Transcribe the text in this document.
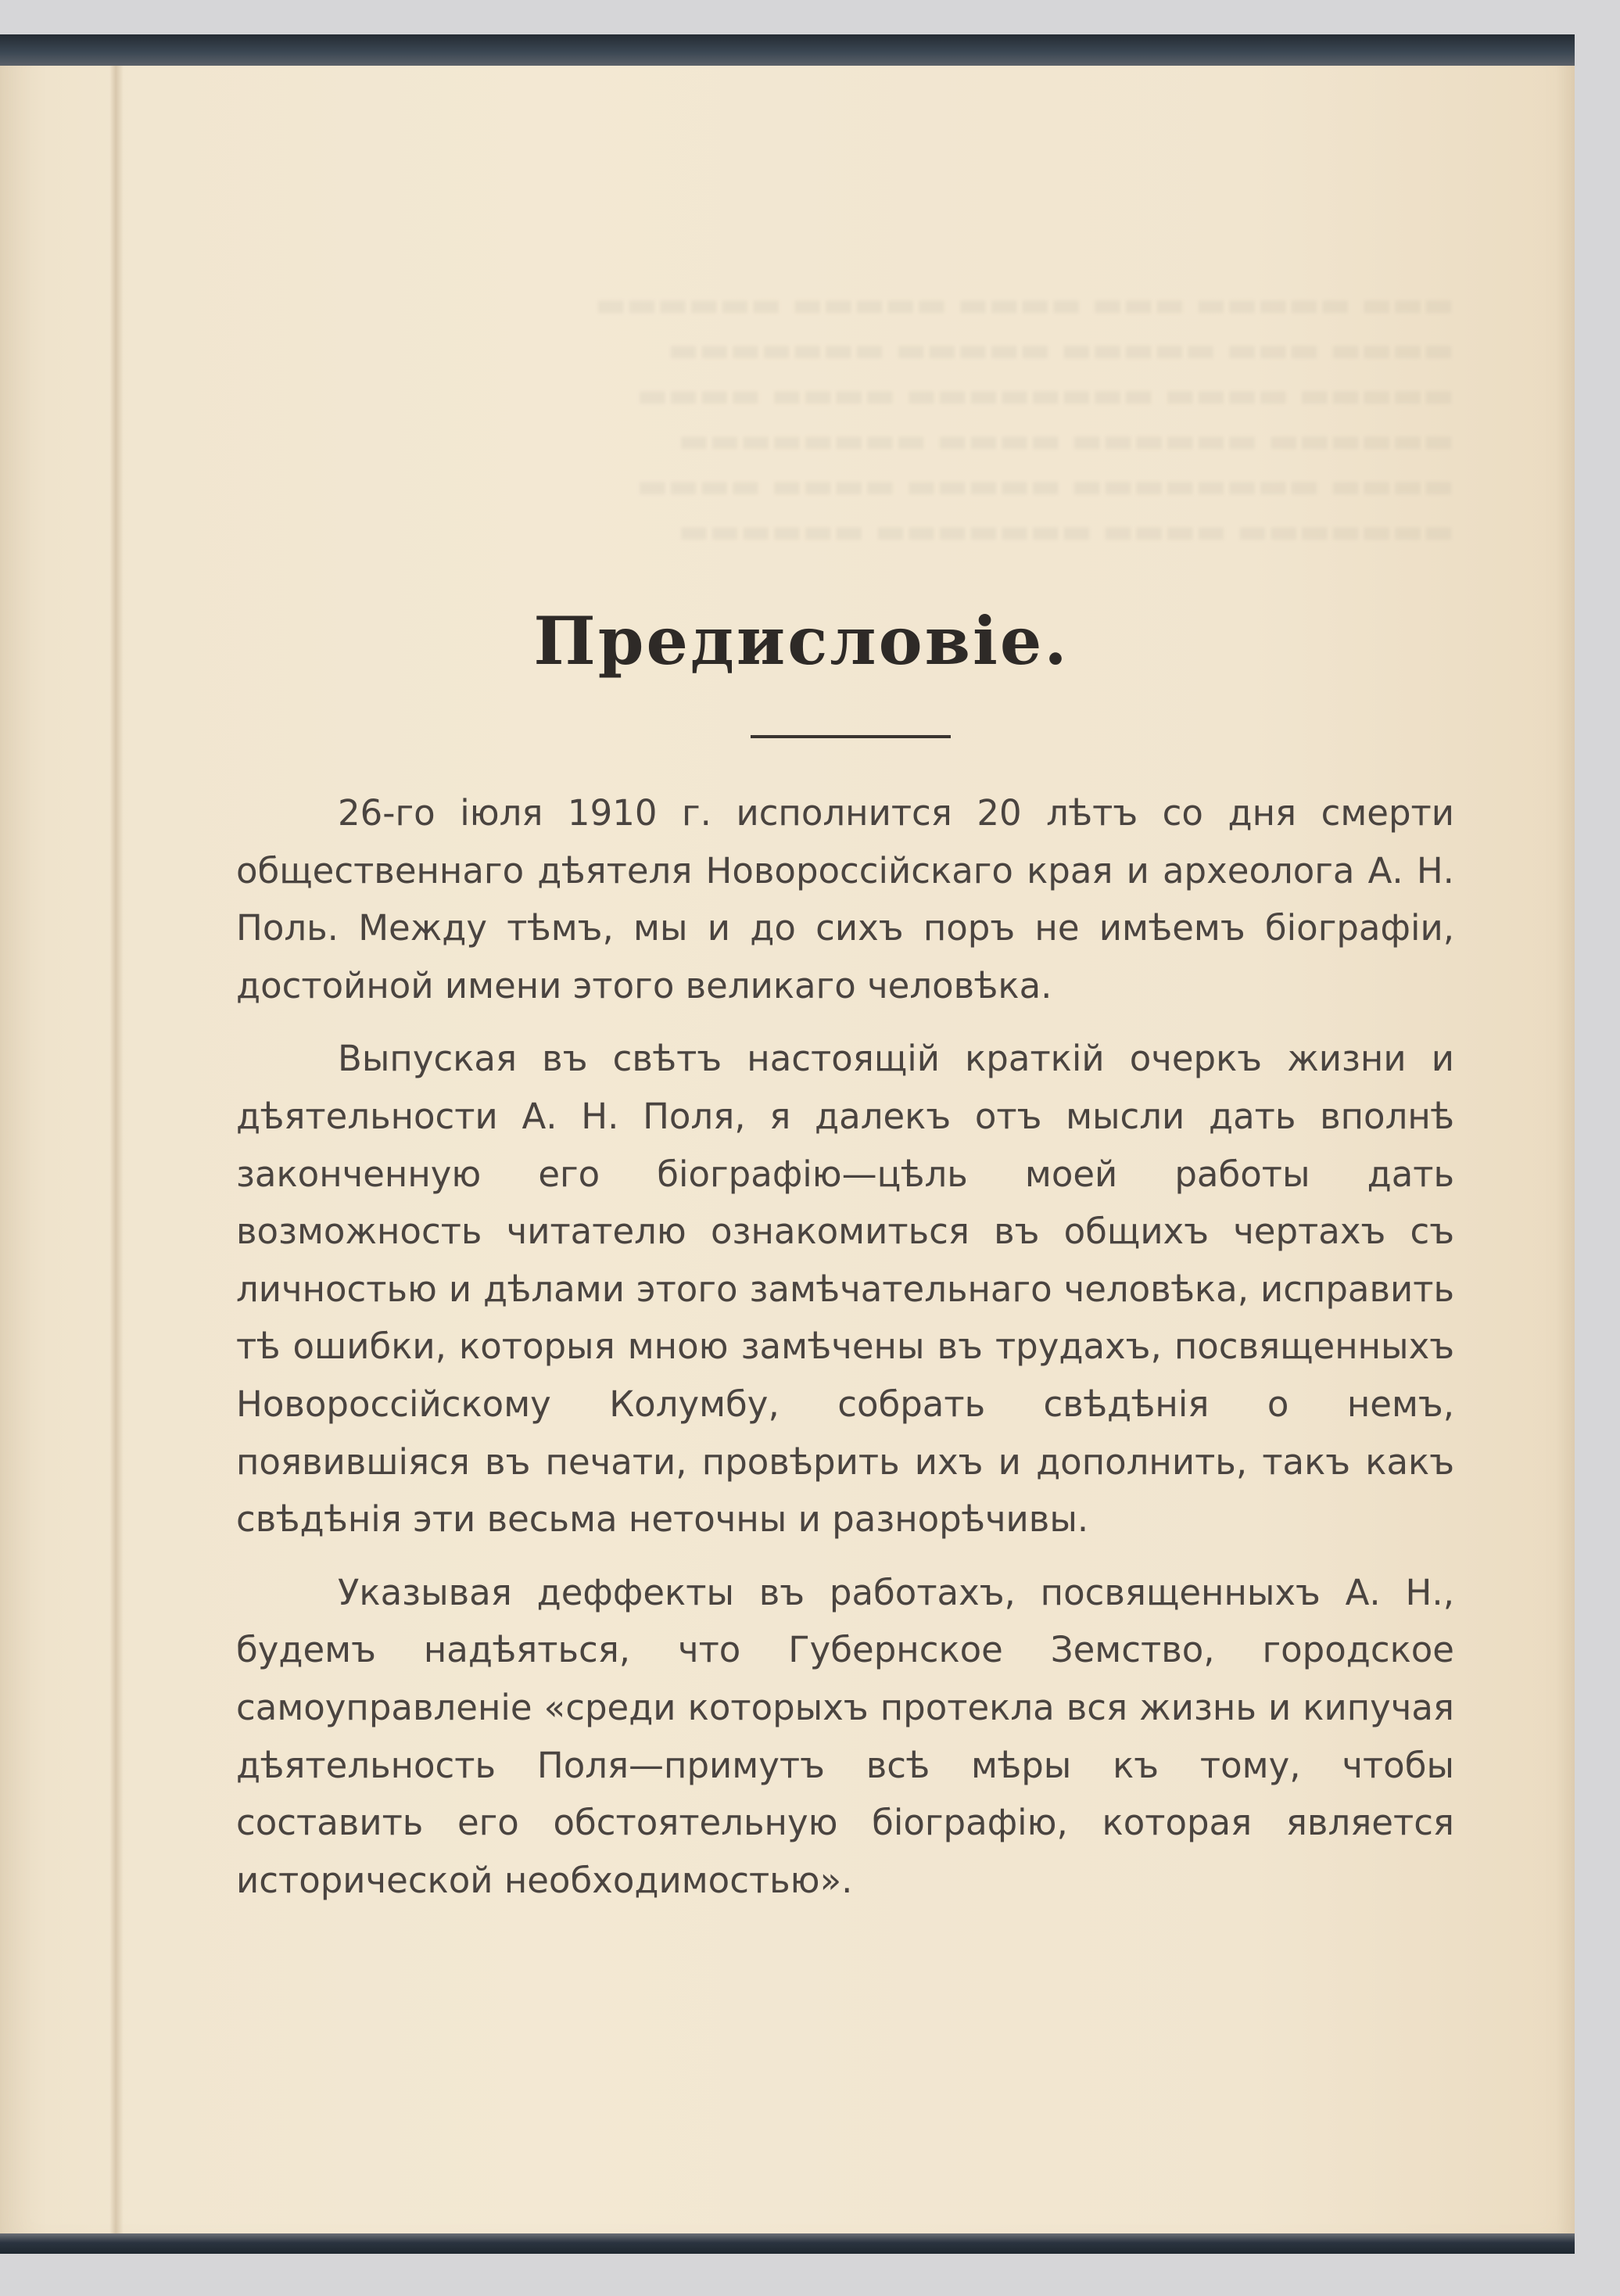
▬▬▬ ▬▬▬▬▬ ▬▬▬ ▬▬▬▬ ▬▬▬▬▬ ▬▬▬▬▬▬
▬▬▬▬ ▬▬▬ ▬▬▬▬▬ ▬▬▬▬▬ ▬▬▬▬▬▬▬
▬▬▬▬▬ ▬▬▬▬ ▬▬▬▬▬▬▬▬ ▬▬▬▬ ▬▬▬▬
▬▬▬▬▬▬ ▬▬▬▬▬▬ ▬▬▬▬ ▬▬▬▬▬▬▬▬
▬▬▬▬ ▬▬▬▬▬▬▬▬ ▬▬▬▬▬ ▬▬▬▬ ▬▬▬▬
▬▬▬▬▬▬▬ ▬▬▬▬ ▬▬▬▬▬▬▬ ▬▬▬▬▬▬
Предисловіе.

26-го іюля 1910 г. исполнится 20 лѣтъ со дня смерти общественнаго дѣятеля Новороссійскаго края и археолога А. Н. Поль. Между тѣмъ, мы и до сихъ поръ не имѣемъ біографіи, достойной имени этого великаго человѣка.

Выпуская въ свѣтъ настоящій краткій очеркъ жизни и дѣятельности А. Н. Поля, я далекъ отъ мысли дать вполнѣ законченную его біографію—цѣль моей работы дать возможность читателю ознакомиться въ общихъ чертахъ съ личностью и дѣлами этого замѣчательнаго человѣка, исправить тѣ ошибки, которыя мною замѣчены въ трудахъ, посвященныхъ Новороссійскому Колумбу, собрать свѣдѣнія о немъ, появившіяся въ печати, провѣрить ихъ и дополнить, такъ какъ свѣдѣнія эти весьма неточны и разнорѣчивы.

Указывая деффекты въ работахъ, посвященныхъ А. Н., будемъ надѣяться, что Губернское Земство, городское самоуправленіе «среди которыхъ протекла вся жизнь и кипучая дѣятельность Поля—примутъ всѣ мѣры къ тому, чтобы составить его обстоятельную біографію, которая является исторической необходимостью».
